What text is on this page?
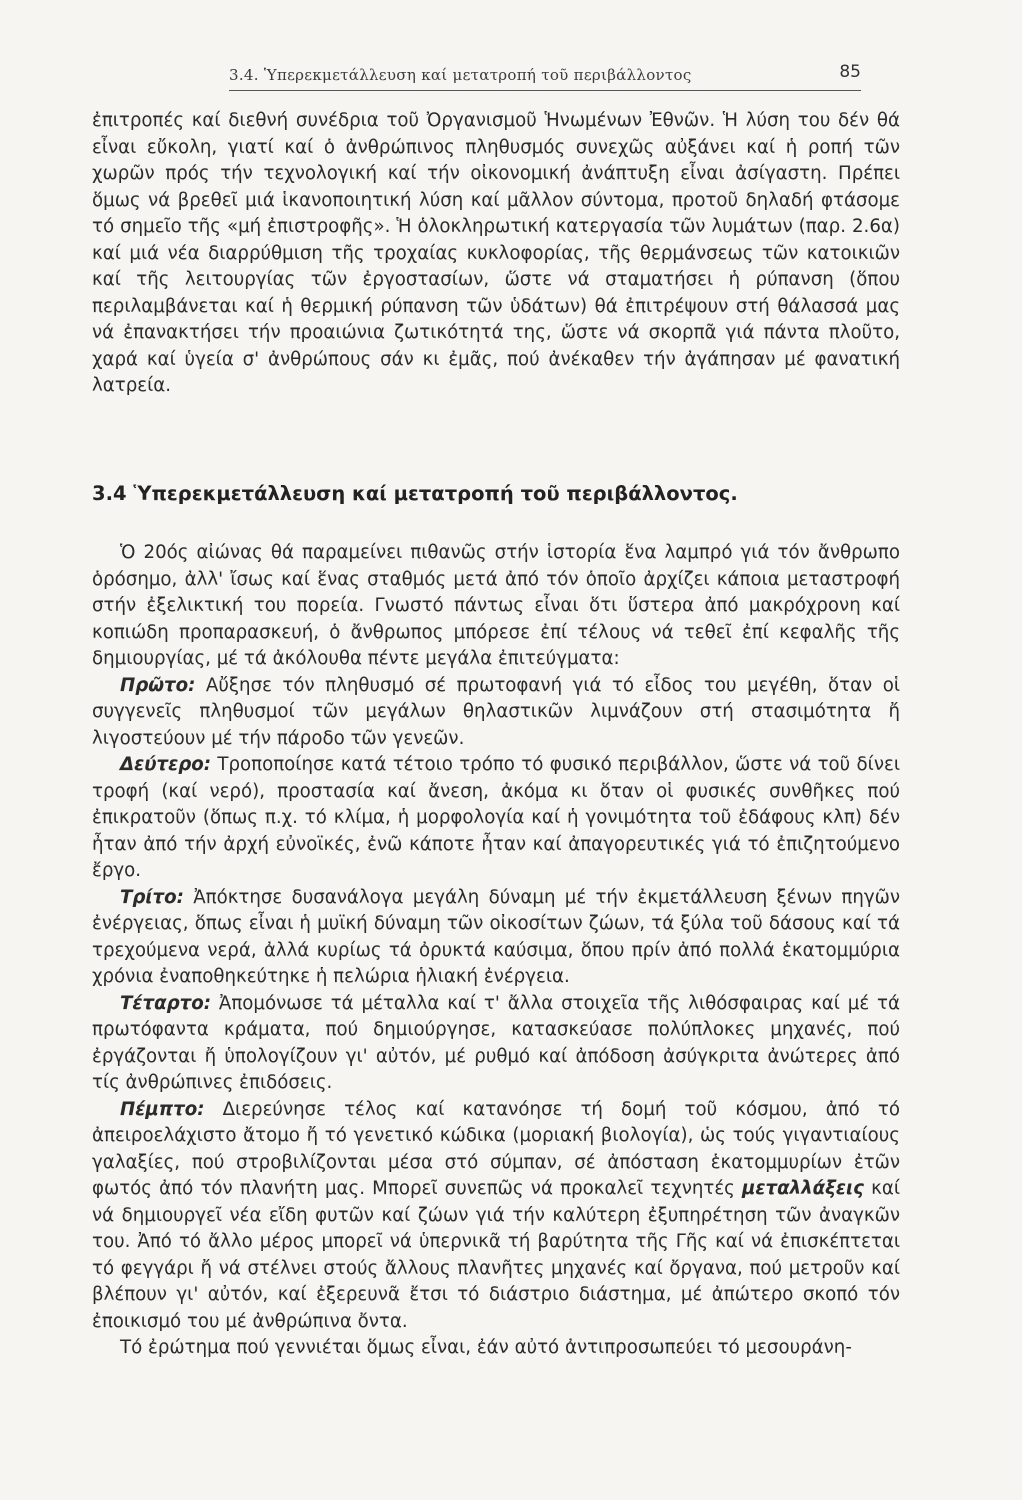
3.4. Ὑπερεκμετάλλευση καί μετατροπή τοῦ περιβάλλοντος	85

ἐπιτροπές καί διεθνή συνέδρια τοῦ Ὀργανισμοῦ Ἡνωμένων Ἐθνῶν. Ἡ λύση του δέν θά εἶναι εὔκολη, γιατί καί ὁ ἀνθρώπινος πληθυσμός συνεχῶς αὐξάνει καί ἡ ροπή τῶν χωρῶν πρός τήν τεχνολογική καί τήν οἰκονομική ἀνάπτυξη εἶναι ἀσίγαστη. Πρέπει ὅμως νά βρεθεῖ μιά ἱκανοποιητική λύση καί μᾶλλον σύντομα, προτοῦ δηλαδή φτάσομε τό σημεῖο τῆς «μή ἐπιστροφῆς». Ἡ ὁλοκληρωτική κατεργασία τῶν λυμάτων (παρ. 2.6α) καί μιά νέα διαρρύθμιση τῆς τροχαίας κυκλοφορίας, τῆς θερμάνσεως τῶν κατοικιῶν καί τῆς λειτουργίας τῶν ἐργοστασίων, ὥστε νά σταματήσει ἡ ρύπανση (ὅπου περιλαμβάνεται καί ἡ θερμική ρύπανση τῶν ὑδάτων) θά ἐπιτρέψουν στή θάλασσά μας νά ἐπανακτήσει τήν προαιώνια ζωτικότητά της, ὥστε νά σκορπᾶ γιά πάντα πλοῦτο, χαρά καί ὑγεία σ' ἀνθρώπους σάν κι ἐμᾶς, πού ἀνέκαθεν τήν ἀγάπησαν μέ φανατική λατρεία.

3.4 Ὑπερεκμετάλλευση καί μετατροπή τοῦ περιβάλλοντος.

Ὁ 20ός αἰώνας θά παραμείνει πιθανῶς στήν ἱστορία ἕνα λαμπρό γιά τόν ἄνθρωπο ὁρόσημο, ἀλλ' ἴσως καί ἕνας σταθμός μετά ἀπό τόν ὁποῖο ἀρχίζει κάποια μεταστροφή στήν ἐξελικτική του πορεία. Γνωστό πάντως εἶναι ὅτι ὕστερα ἀπό μακρόχρονη καί κοπιώδη προπαρασκευή, ὁ ἄνθρωπος μπόρεσε ἐπί τέλους νά τεθεῖ ἐπί κεφαλῆς τῆς δημιουργίας, μέ τά ἀκόλουθα πέντε μεγάλα ἐπιτεύγματα:

Πρῶτο: Αὔξησε τόν πληθυσμό σέ πρωτοφανή γιά τό εἶδος του μεγέθη, ὅταν οἱ συγγενεῖς πληθυσμοί τῶν μεγάλων θηλαστικῶν λιμνάζουν στή στασιμότητα ἤ λιγοστεύουν μέ τήν πάροδο τῶν γενεῶν.

Δεύτερο: Τροποποίησε κατά τέτοιο τρόπο τό φυσικό περιβάλλον, ὥστε νά τοῦ δίνει τροφή (καί νερό), προστασία καί ἄνεση, ἀκόμα κι ὅταν οἱ φυσικές συνθῆκες πού ἐπικρατοῦν (ὅπως π.χ. τό κλίμα, ἡ μορφολογία καί ἡ γονιμότητα τοῦ ἐδάφους κλπ) δέν ἦταν ἀπό τήν ἀρχή εὐνοϊκές, ἐνῶ κάποτε ἦταν καί ἀπαγορευτικές γιά τό ἐπιζητούμενο ἔργο.

Τρίτο: Ἀπόκτησε δυσανάλογα μεγάλη δύναμη μέ τήν ἐκμετάλλευση ξένων πηγῶν ἐνέργειας, ὅπως εἶναι ἡ μυϊκή δύναμη τῶν οἰκοσίτων ζώων, τά ξύλα τοῦ δάσους καί τά τρεχούμενα νερά, ἀλλά κυρίως τά ὀρυκτά καύσιμα, ὅπου πρίν ἀπό πολλά ἑκατομμύρια χρόνια ἐναποθηκεύτηκε ἡ πελώρια ἡλιακή ἐνέργεια.

Τέταρτο: Ἀπομόνωσε τά μέταλλα καί τ' ἄλλα στοιχεῖα τῆς λιθόσφαιρας καί μέ τά πρωτόφαντα κράματα, πού δημιούργησε, κατασκεύασε πολύπλοκες μηχανές, πού ἐργάζονται ἤ ὑπολογίζουν γι' αὐτόν, μέ ρυθμό καί ἀπόδοση ἀσύγκριτα ἀνώτερες ἀπό τίς ἀνθρώπινες ἐπιδόσεις.

Πέμπτο: Διερεύνησε τέλος καί κατανόησε τή δομή τοῦ κόσμου, ἀπό τό ἀπειροελάχιστο ἄτομο ἤ τό γενετικό κώδικα (μοριακή βιολογία), ὡς τούς γιγαντιαίους γαλαξίες, πού στροβιλίζονται μέσα στό σύμπαν, σέ ἀπόσταση ἑκατομμυρίων ἐτῶν φωτός ἀπό τόν πλανήτη μας. Μπορεῖ συνεπῶς νά προκαλεῖ τεχνητές μεταλλάξεις καί νά δημιουργεῖ νέα εἴδη φυτῶν καί ζώων γιά τήν καλύτερη ἐξυπηρέτηση τῶν ἀναγκῶν του. Ἀπό τό ἄλλο μέρος μπορεῖ νά ὑπερνικᾶ τή βαρύτητα τῆς Γῆς καί νά ἐπισκέπτεται τό φεγγάρι ἤ νά στέλνει στούς ἄλλους πλανῆτες μηχανές καί ὄργανα, πού μετροῦν καί βλέπουν γι' αὐτόν, καί ἐξερευνᾶ ἔτσι τό διάστριο διάστημα, μέ ἀπώτερο σκοπό τόν ἐποικισμό του μέ ἀνθρώπινα ὄντα.

Τό ἐρώτημα πού γεννιέται ὅμως εἶναι, ἐάν αὐτό ἀντιπροσωπεύει τό μεσουράνη-
